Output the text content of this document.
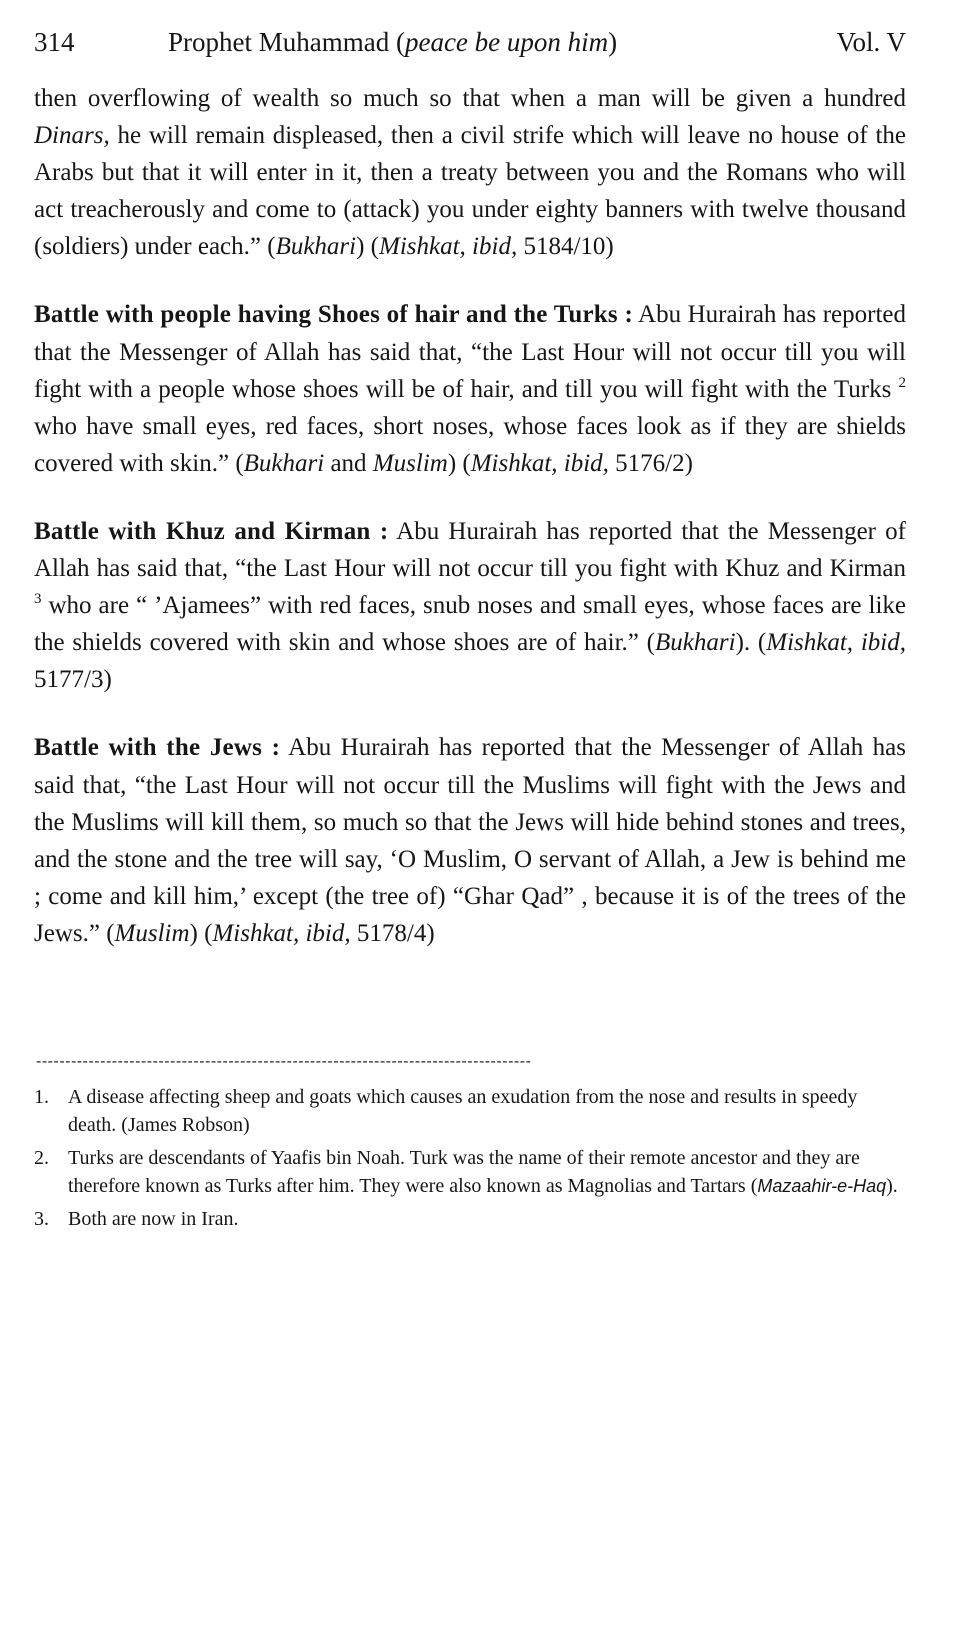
314	Prophet Muhammad (peace be upon him)	Vol. V

then overflowing of wealth so much so that when a man will be given a hundred Dinars, he will remain displeased, then a civil strife which will leave no house of the Arabs but that it will enter in it, then a treaty between you and the Romans who will act treacherously and come to (attack) you under eighty banners with twelve thousand (soldiers) under each.” (Bukhari) (Mishkat, ibid, 5184/10)

Battle with people having Shoes of hair and the Turks : Abu Hurairah has reported that the Messenger of Allah has said that, “the Last Hour will not occur till you will fight with a people whose shoes will be of hair, and till you will fight with the Turks $^2$ who have small eyes, red faces, short noses, whose faces look as if they are shields covered with skin.” (Bukhari and Muslim) (Mishkat, ibid, 5176/2)

Battle with Khuz and Kirman : Abu Hurairah has reported that the Messenger of Allah has said that, “the Last Hour will not occur till you fight with Khuz and Kirman $^3$ who are “ ’Ajamees” with red faces, snub noses and small eyes, whose faces are like the shields covered with skin and whose shoes are of hair.” (Bukhari). (Mishkat, ibid, 5177/3)

Battle with the Jews : Abu Hurairah has reported that the Messenger of Allah has said that, “the Last Hour will not occur till the Muslims will fight with the Jews and the Muslims will kill them, so much so that the Jews will hide behind stones and trees, and the stone and the tree will say, ‘O Muslim, O servant of Allah, a Jew is behind me ; come and kill him,’ except (the tree of) “Ghar Qad” , because it is of the trees of the Jews.” (Muslim) (Mishkat, ibid, 5178/4)

-------------------------------------------------------------------------------------
1. A disease affecting sheep and goats which causes an exudation from the nose and results in speedy death. (James Robson)
2. Turks are descendants of Yaafis bin Noah. Turk was the name of their remote ancestor and they are therefore known as Turks after him. They were also known as Magnolias and Tartars (Mazaahir-e-Haq).
3. Both are now in Iran.
